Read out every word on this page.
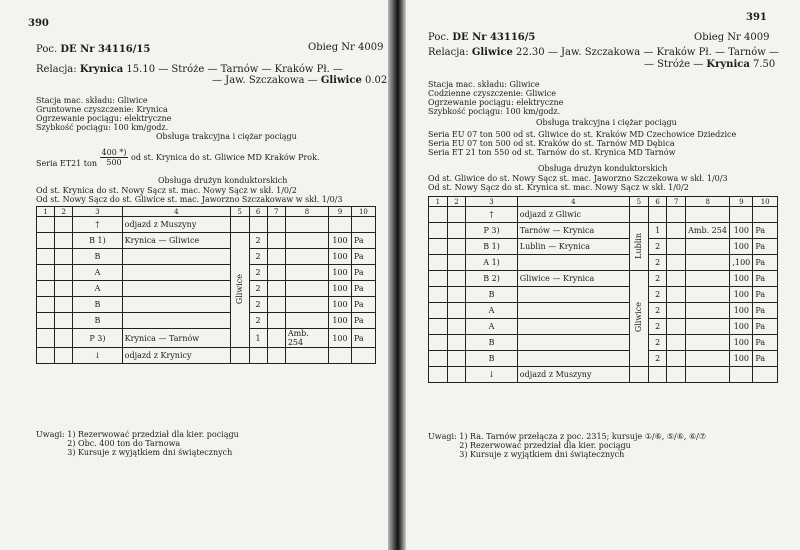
390
Poc. DE Nr 34116/15	Obieg Nr 4009
Relacja: Krynica 15.10 — Stróże — Tarnów — Kraków Pł. —
— Jaw. Szczakowa — Gliwice 0.02
Stacja mac. składu: Gliwice
Gruntowne czyszczenie: Krynica
Ogrzewanie pociągu: elektryczne
Szybkość pociągu: 100 km/godz.
Obsługa trakcyjna i ciężar pociągu
Seria ET21 ton $\frac{400 *)}{500}$ od st. Krynica do st. Gliwice MD Kraków Prok.
Obsługa drużyn konduktorskich
Od st. Krynica do st. Nowy Sącz st. mac. Nowy Sącz w skł. 1/0/2
Od st. Nowy Sącz do st. Gliwice st. mac. Jaworzno Szczakowaw w skł. 1/0/3
1	2	3	4	5	6	7	8	9	10
		†	odjazd z Muszyny						
		B 1)	Krynica — Gliwice	Gliwice	2			100	Pa
		B			2			100	Pa
		A			2			100	Pa
		A			2			100	Pa
		B			2			100	Pa
		B			2			100	Pa
		P 3)	Krynica — Tarnów		1		Amb. 254	100	Pa
		↓	odjazd z Krynicy						
Uwagi: 1) Rezerwować przedział dla kier. pociągu
2) Obc. 400 ton do Tarnowa
3) Kursuje z wyjątkiem dni świątecznych
391
Poc. DE Nr 43116/5	Obieg Nr 4009
Relacja: Gliwice 22.30 — Jaw. Szczakowa — Kraków Pł. — Tarnów —
— Stróże — Krynica 7.50
Stacja mac. składu: Gliwice
Codzienne czyszczenie: Gliwice
Ogrzewanie pociągu: elektryczne
Szybkość pociągu: 100 km/godz.
Obsługa trakcyjna i ciężar pociągu
Seria EU 07 ton 500 od st. Gliwice do st. Kraków MD Czechowice Dziedzice
Seria EU 07 ton 500 od st. Kraków do st. Tarnów MD Dębica
Seria ET 21 ton 550 od st. Tarnów do st. Krynica MD Tarnów
Obsługa drużyn konduktorskich
Od st. Gliwice do st. Nowy Sącz st. mac. Jaworzno Szczekowa w skł. 1/0/3
Od st. Nowy Sącz do st. Krynica st. mac. Nowy Sącz w skł. 1/0/2
1	2	3	4	5	6	7	8	9	10
		†	odjazd z Gliwic						
		P 3)	Tarnów — Krynica	Lublin	1		Amb. 254	100	Pa
		B 1)	Lublin — Krynica		2			100	Pa
		A 1)			2			,100	Pa
		B 2)	Gliwice — Krynica	Gliwice	2			100	Pa
		B			2			100	Pa
		A			2			100	Pa
		A			2			100	Pa
		B			2			100	Pa
		B			2			100	Pa
		↓	odjazd z Muszyny						
Uwagi: 1) Ra. Tarnów przełącza z poc. 2315; kursuje ①/⑥, ⑤/⑥, ⑥/⑦
2) Rezerwować przedział dla kier. pociągu
3) Kursuje z wyjątkiem dni świątecznych
